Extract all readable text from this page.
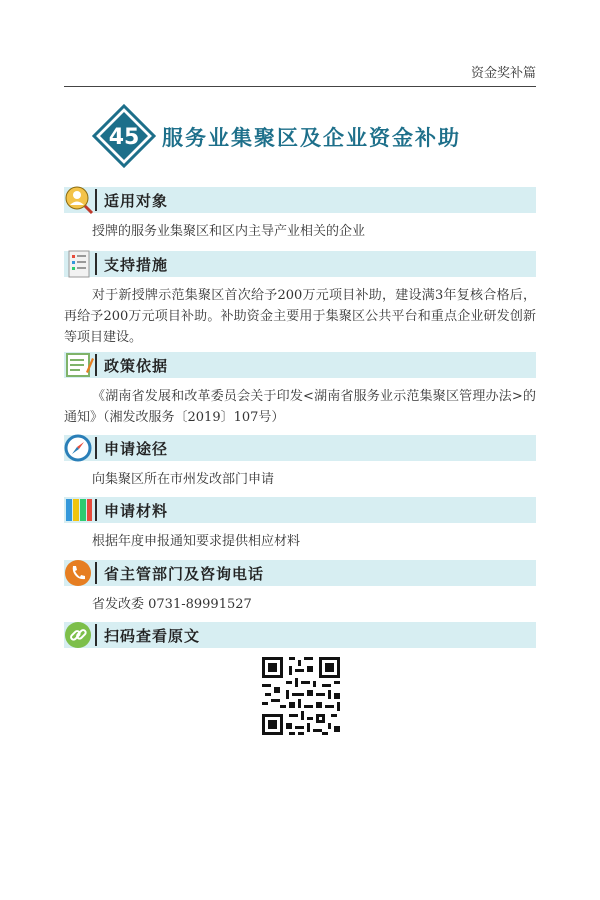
资金奖补篇
45 服务业集聚区及企业资金补助
适用对象
授牌的服务业集聚区和区内主导产业相关的企业
支持措施
对于新授牌示范集聚区首次给予200万元项目补助，建设满3年复核合格后，再给予200万元项目补助。补助资金主要用于集聚区公共平台和重点企业研发创新等项目建设。
政策依据
《湖南省发展和改革委员会关于印发<湖南省服务业示范集聚区管理办法>的通知》（湘发改服务〔2019〕107号）
申请途径
向集聚区所在市州发改部门申请
申请材料
根据年度申报通知要求提供相应材料
省主管部门及咨询电话
省发改委 0731-89991527
扫码查看原文
